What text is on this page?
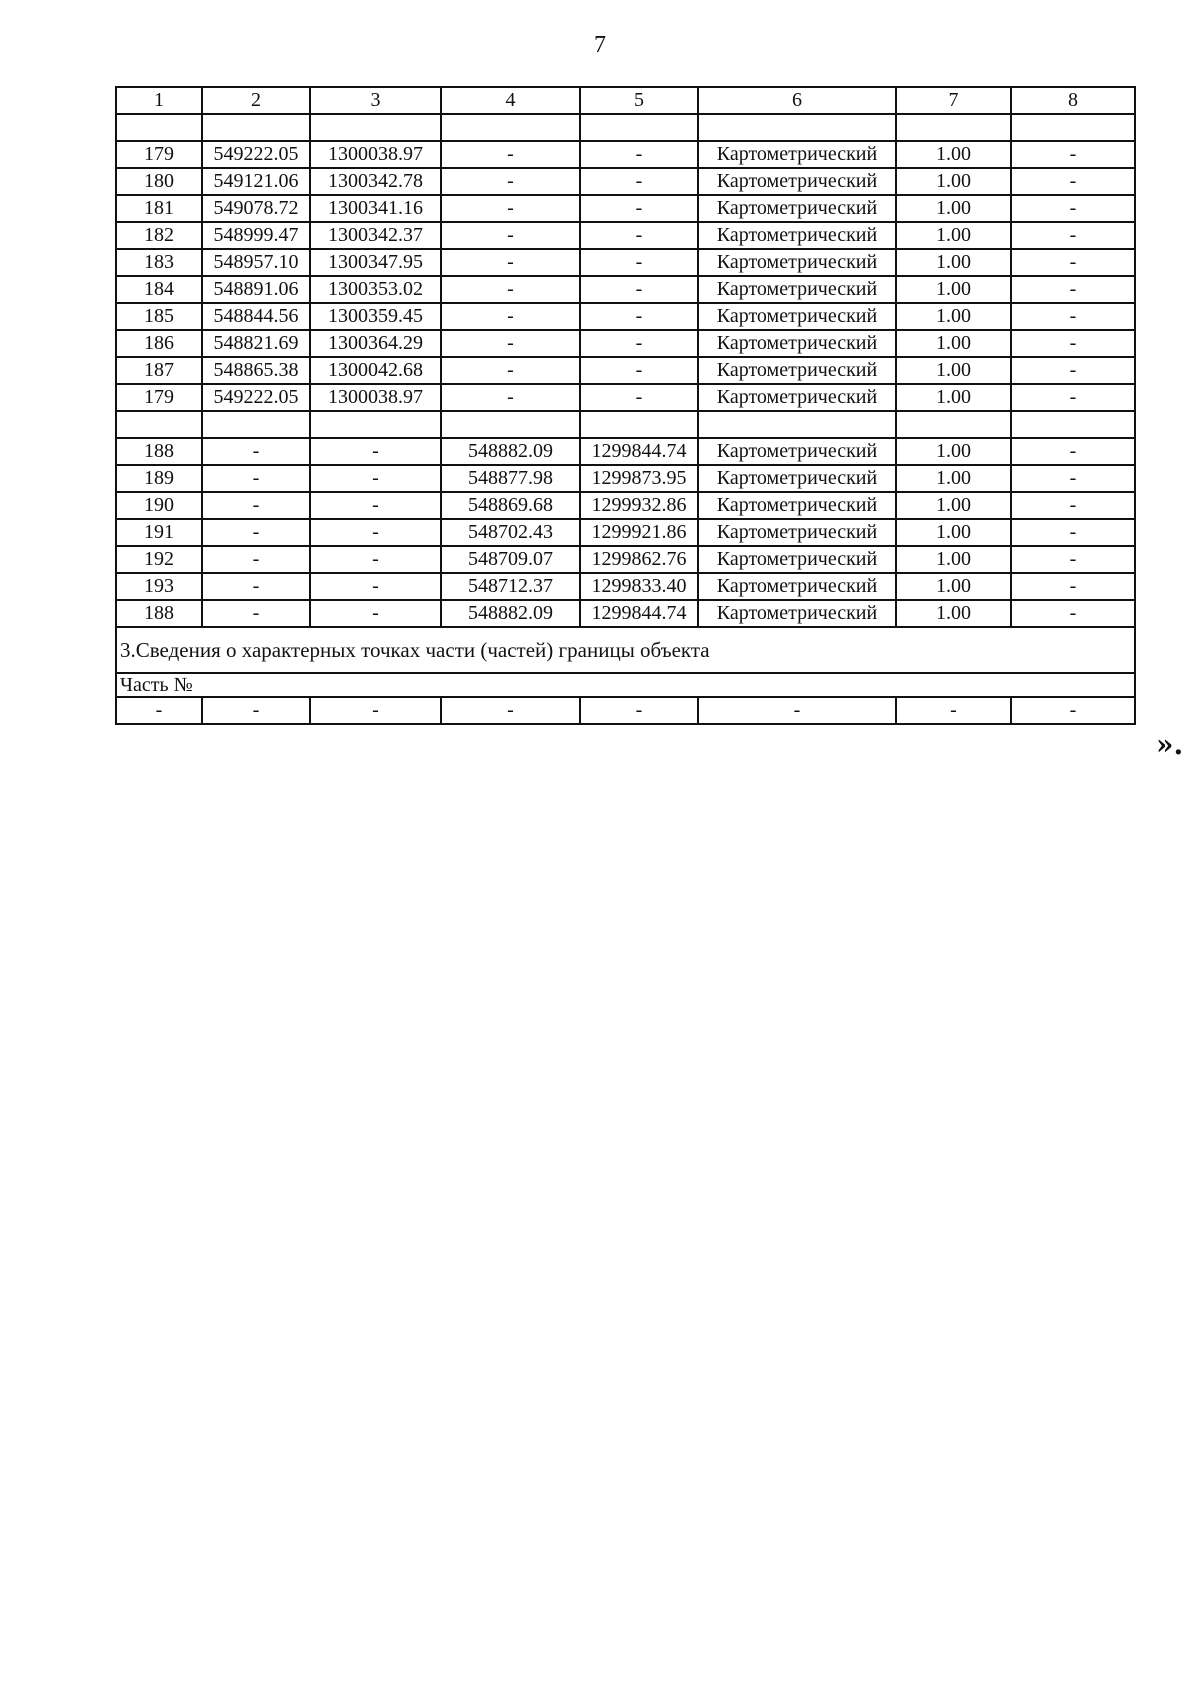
7
1	2	3	4	5	6	7	8

179	549222.05	1300038.97	-	-	Картометрический	1.00	-
180	549121.06	1300342.78	-	-	Картометрический	1.00	-
181	549078.72	1300341.16	-	-	Картометрический	1.00	-
182	548999.47	1300342.37	-	-	Картометрический	1.00	-
183	548957.10	1300347.95	-	-	Картометрический	1.00	-
184	548891.06	1300353.02	-	-	Картометрический	1.00	-
185	548844.56	1300359.45	-	-	Картометрический	1.00	-
186	548821.69	1300364.29	-	-	Картометрический	1.00	-
187	548865.38	1300042.68	-	-	Картометрический	1.00	-
179	549222.05	1300038.97	-	-	Картометрический	1.00	-

188	-	-	548882.09	1299844.74	Картометрический	1.00	-
189	-	-	548877.98	1299873.95	Картометрический	1.00	-
190	-	-	548869.68	1299932.86	Картометрический	1.00	-
191	-	-	548702.43	1299921.86	Картометрический	1.00	-
192	-	-	548709.07	1299862.76	Картометрический	1.00	-
193	-	-	548712.37	1299833.40	Картометрический	1.00	-
188	-	-	548882.09	1299844.74	Картометрический	1.00	-
3.Сведения о характерных точках части (частей) границы объекта							
Часть №							
-	-	-	-	-	-	-	-
».
